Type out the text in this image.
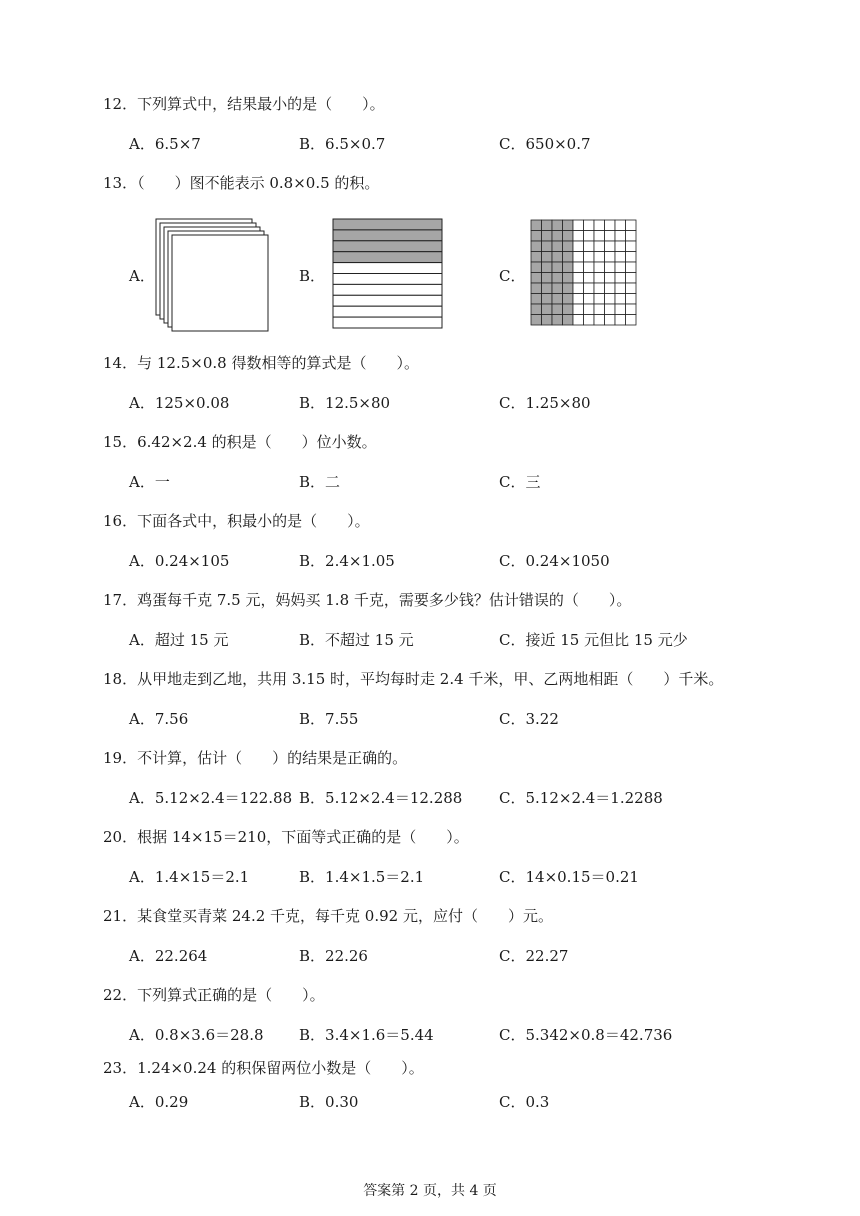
12．下列算式中，结果最小的是（　　）。
A．6.5×7	B．6.5×0.7	C．650×0.7
13．（　　）图不能表示 0.8×0.5 的积。
A．	B．	C．
14．与 12.5×0.8 得数相等的算式是（　　）。
A．125×0.08	B．12.5×80	C．1.25×80
15．6.42×2.4 的积是（　　）位小数。
A．一	B．二	C．三
16．下面各式中，积最小的是（　　）。
A．0.24×105	B．2.4×1.05	C．0.24×1050
17．鸡蛋每千克 7.5 元，妈妈买 1.8 千克，需要多少钱？估计错误的（　　）。
A．超过 15 元	B．不超过 15 元	C．接近 15 元但比 15 元少
18．从甲地走到乙地，共用 3.15 时，平均每时走 2.4 千米，甲、乙两地相距（　　）千米。
A．7.56	B．7.55	C．3.22
19．不计算，估计（　　）的结果是正确的。
A．5.12×2.4＝122.88 B．5.12×2.4＝12.288 C．5.12×2.4＝1.2288
20．根据 14×15＝210，下面等式正确的是（　　）。
A．1.4×15＝2.1	B．1.4×1.5＝2.1	C．14×0.15＝0.21
21．某食堂买青菜 24.2 千克，每千克 0.92 元，应付（　　）元。
A．22.264	B．22.26	C．22.27
22．下列算式正确的是（　　）。
A．0.8×3.6＝28.8 B．3.4×1.6＝5.44	C．5.342×0.8＝42.736
23．1.24×0.24 的积保留两位小数是（　　）。
A．0.29	B．0.30	C．0.3
答案第 2 页，共 4 页
